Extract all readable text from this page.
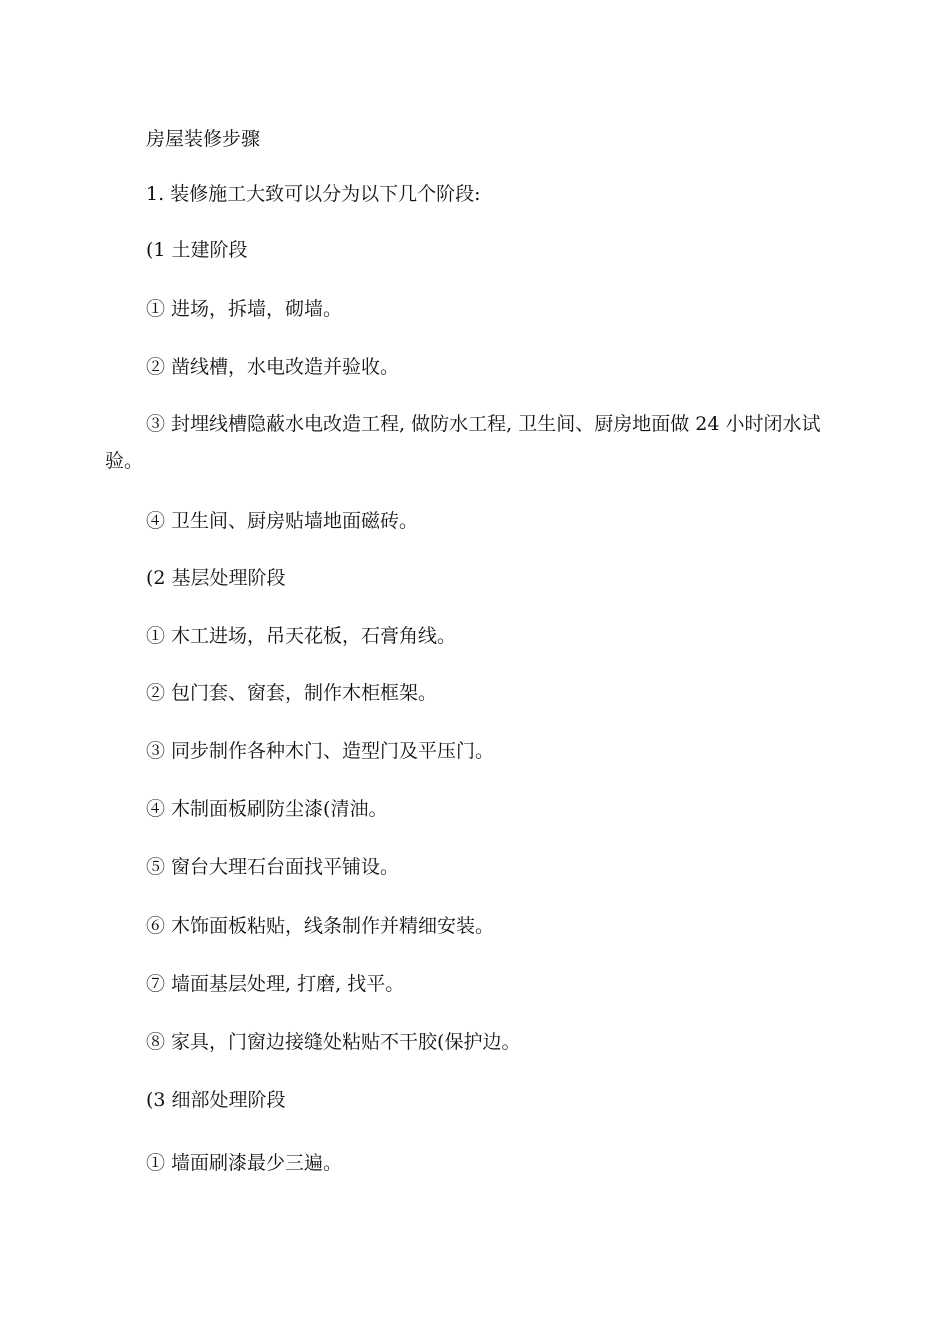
房屋装修步骤
1. 装修施工大致可以分为以下几个阶段:
(1 土建阶段
① 进场，拆墙，砌墙。
② 凿线槽，水电改造并验收。
③ 封埋线槽隐蔽水电改造工程, 做防水工程, 卫生间、厨房地面做 24 小时闭水试验。
④ 卫生间、厨房贴墙地面磁砖。
(2 基层处理阶段
① 木工进场，吊天花板，石膏角线。
② 包门套、窗套，制作木柜框架。
③ 同步制作各种木门、造型门及平压门。
④ 木制面板刷防尘漆(清油。
⑤ 窗台大理石台面找平铺设。
⑥ 木饰面板粘贴，线条制作并精细安装。
⑦ 墙面基层处理, 打磨, 找平。
⑧ 家具，门窗边接缝处粘贴不干胶(保护边。
(3 细部处理阶段
① 墙面刷漆最少三遍。
